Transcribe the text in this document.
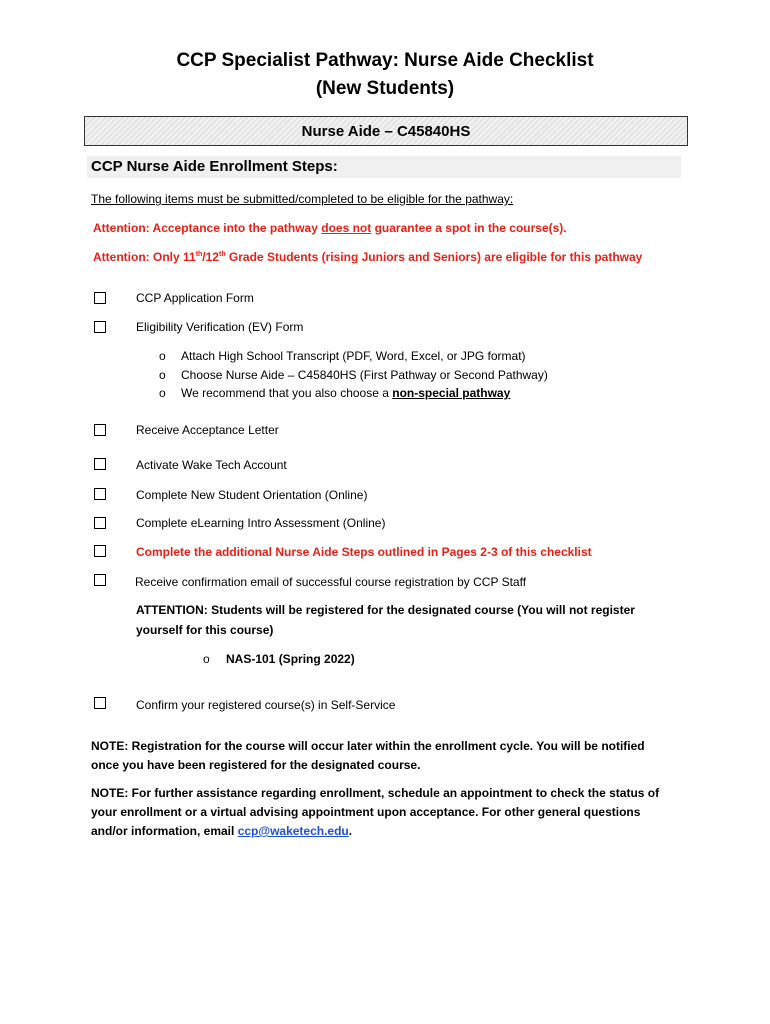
CCP Specialist Pathway: Nurse Aide Checklist
(New Students)
Nurse Aide – C45840HS
CCP Nurse Aide Enrollment Steps:
The following items must be submitted/completed to be eligible for the pathway:
Attention: Acceptance into the pathway does not guarantee a spot in the course(s).
Attention: Only 11th/12th Grade Students (rising Juniors and Seniors) are eligible for this pathway
CCP Application Form
Eligibility Verification (EV) Form
o Attach High School Transcript (PDF, Word, Excel, or JPG format)
o Choose Nurse Aide – C45840HS (First Pathway or Second Pathway)
o We recommend that you also choose a non-special pathway
Receive Acceptance Letter
Activate Wake Tech Account
Complete New Student Orientation (Online)
Complete eLearning Intro Assessment (Online)
Complete the additional Nurse Aide Steps outlined in Pages 2-3 of this checklist
Receive confirmation email of successful course registration by CCP Staff
ATTENTION: Students will be registered for the designated course (You will not register
yourself for this course)
o NAS-101 (Spring 2022)
Confirm your registered course(s) in Self-Service
NOTE: Registration for the course will occur later within the enrollment cycle. You will be notified
once you have been registered for the designated course.
NOTE: For further assistance regarding enrollment, schedule an appointment to check the status of
your enrollment or a virtual advising appointment upon acceptance. For other general questions
and/or information, email ccp@waketech.edu.
